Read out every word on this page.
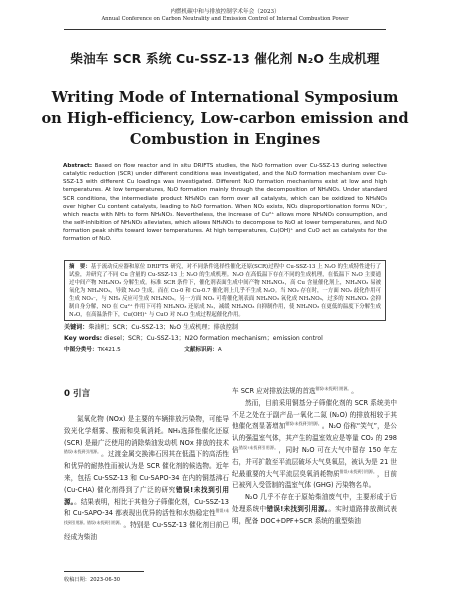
内燃机碳中和与排放控制学术年会（2023）
Annual Conference on Carbon Neutrality and Emission Control of Internal Combustion Power
柴油车 SCR 系统 Cu-SSZ-13 催化剂 N₂O 生成机理
Writing Mode of International Symposium on High-efficiency, Low-carbon emission and Combustion in Engines
Abstract: Based on flow reactor and in situ DRIFTS studies, the N₂O formation over Cu-SSZ-13 during selective catalytic reduction (SCR) under different conditions was investigated, and the N₂O formation mechanism over Cu-SSZ-13 with different Cu loadings was investigated. Different N₂O formation mechanisms exist at low and high temperatures. At low temperatures, N₂O formation mainly through the decomposition of NH₄NO₃. Under standard SCR conditions, the intermediate product NH₄NO₃ can form over all catalysts, which can be oxidized to NH₄NO₃ over higher Cu content catalysts, leading to N₂O formation. When NO₂ exists, NO₂ disproportionation forms NO₃⁻, which reacts with NH₃ to form NH₄NO₃. Nevertheless, the increase of Cu²⁺ allows more NH₄NO₃ consumption, and the self-inhibition of NH₄NO₃ alleviates, which allows NH₄NO₃ to decompose to N₂O at lower temperatures, and N₂O formation peak shifts toward lower temperatures. At high temperatures, Cu(OH)⁺ and CuO act as catalysts for the formation of N₂O.
摘　要：基于流动反应器和原位 DRIFTS 研究，对不同条件选择性催化还原(SCR)过程中 Cu-SSZ-13 上 N₂O 的生成特性进行了试验，并研究了不同 Cu 含量的 Cu-SSZ-13 上 N₂O 的生成机理。N₂O 在高低温下存在不同的生成机理，在低温下 N₂O 主要通过中间产物 NH₄NO₃ 分解生成。标准 SCR 条件下，催化剂表面生成中间产物 NH₄NO₃，高 Cu 含量催化剂上，NH₄NO₃ 易被氧化为 NH₄NO₃，导致 N₂O 生成。而在 Cu-0 和 Cu-0.7 催化剂上几乎不生成 N₂O。当 NO₂ 存在时，一方面 NO₂ 歧化作用可生成 NO₃⁻，与 NH₃ 反应可生成 NH₄NO₃。另一方面 NO₂ 可将催化剂表面 NH₄NO₃ 氧化成 NH₄NO₃，过多的 NH₄NO₃ 会抑制自身分解，NO 在 Cu²⁺ 作用下可将 NH₄NO₃ 还原成 N₂，减缓 NH₄NO₃ 自抑制作用，使 NH₄NO₃ 在更低的温度下分解生成 N₂O，在高温条件下，Cu(OH)⁺ 与 CuO 对 N₂O 生成过程起催化作用。
关键词：柴油机；SCR；Cu-SSZ-13；N₂O 生成机理；排放控制
Key words: diesel；SCR；Cu-SSZ-13；N2O formation mechanism；emission control
中图分类号：TK421.5	文献标识码：A
0 引言

氮氧化物 (NOx) 是主要的车辆排放污染物，可能导致光化学烟雾、酸雨和臭氧消耗。NH₃选择性催化还原 (SCR) 是最广泛使用的消除柴油发动机 NOx 排放的技术$^{错误!未找到引用源。}$。过渡金属交换沸石因其在低温下的高活性和优异的耐热性而被认为是 SCR 催化剂的候选物。近年来，包括 Cu-SSZ-13 和 Cu-SAPO-34 在内的铜基沸石 (Cu-CHA) 催化剂得到了广泛的研究错误!未找到引用源。。结果表明，相比于其他分子筛催化剂，Cu-SSZ-13 和 Cu-SAPO-34 都表现出优异的活性和水热稳定性$^{错误!未找到引用源。错误!未找到引用源。}$。特别是 Cu-SSZ-13 催化剂目前已经成为柴油

车 SCR 应对排放法规的首选$^{错误!未找到引用源。}$。

然而，目前采用铜基分子筛催化剂的 SCR 系统美中不足之处在于副产品一氧化二氮 (N₂O) 的排放相较于其他催化剂显著增加$^{错误!未找到引用源。}$。N₂O 俗称“笑气”，是公认的强温室气体，其产生的温室效应是等量 CO₂ 的 298 倍$^{错误!未找到引用源。}$，同时 N₂O 可在大气中留存 150 年左右，并可扩散至平流层破坏大气臭氧层，被认为是 21 世纪最重要的大气平流层臭氧消耗物质$^{错误!未找到引用源。}$，目前已被列入受管制的温室气体 (GHG) 污染物名单。

N₂O 几乎不存在于原始柴油废气中，主要形成于后处理系统中错误!未找到引用源。。实时道路排放测试表明，配备 DOC+DPF+SCR 系统的重型柴油

收稿日期：2023-06-30
